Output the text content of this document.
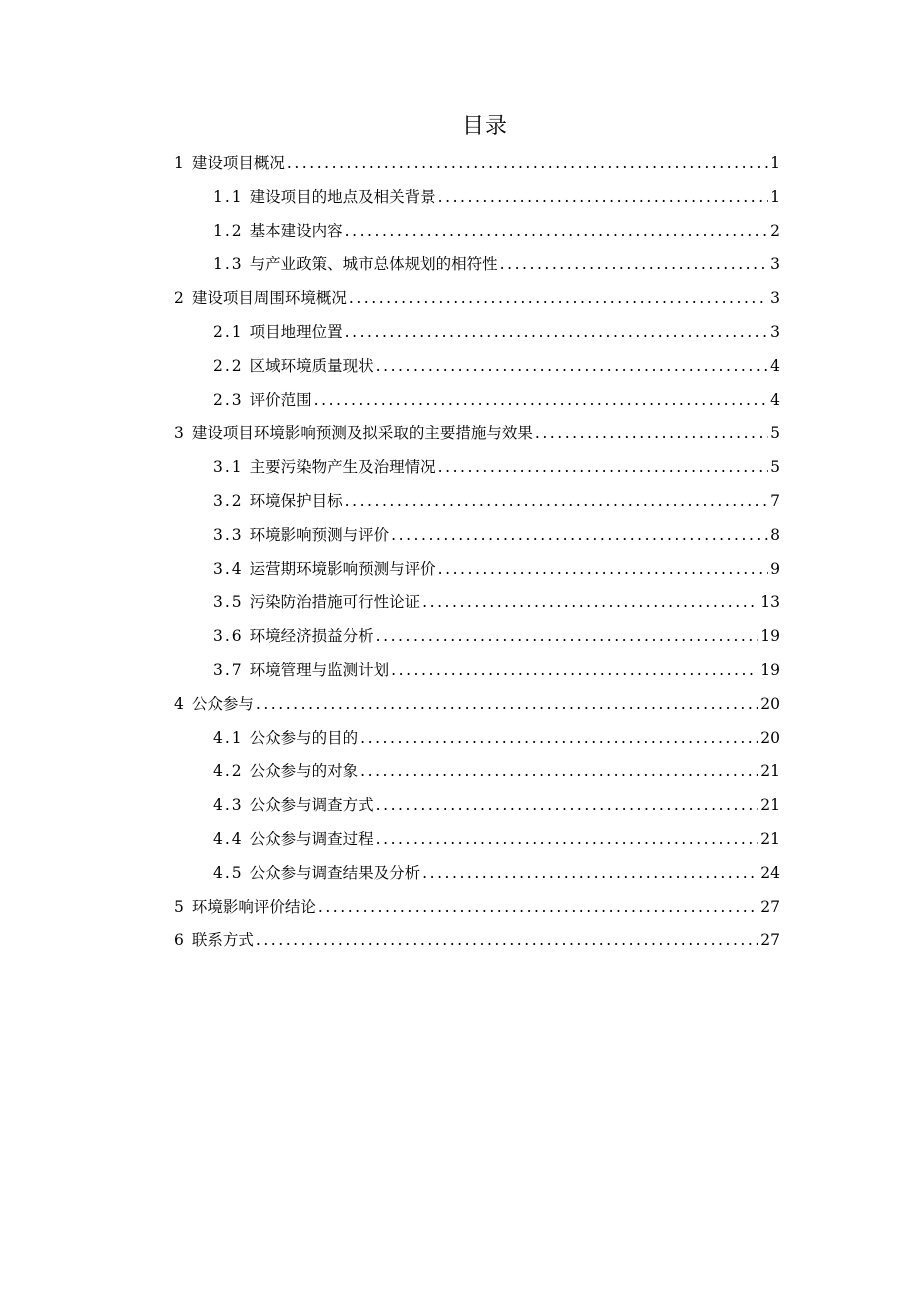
目录
1 建设项目概况 . . .	1
1.1 建设项目的地点及相关背景 . . .	1
1.2 基本建设内容 . . .	2
1.3 与产业政策、城市总体规划的相符性 . . .	3
2 建设项目周围环境概况 . . .	3
2.1 项目地理位置 . . .	3
2.2 区域环境质量现状 . . .	4
2.3 评价范围 . . .	4
3 建设项目环境影响预测及拟采取的主要措施与效果 . . .	5
3.1 主要污染物产生及治理情况 . . .	5
3.2 环境保护目标 . . .	7
3.3 环境影响预测与评价 . . .	8
3.4 运营期环境影响预测与评价 . . .	9
3.5 污染防治措施可行性论证 . . .	13
3.6 环境经济损益分析 . . .	19
3.7 环境管理与监测计划 . . .	19
4 公众参与 . . .	20
4.1 公众参与的目的 . . .	20
4.2 公众参与的对象 . . .	21
4.3 公众参与调查方式 . . .	21
4.4 公众参与调查过程 . . .	21
4.5 公众参与调查结果及分析 . . .	24
5 环境影响评价结论 . . .	27
6 联系方式 . . .	27
